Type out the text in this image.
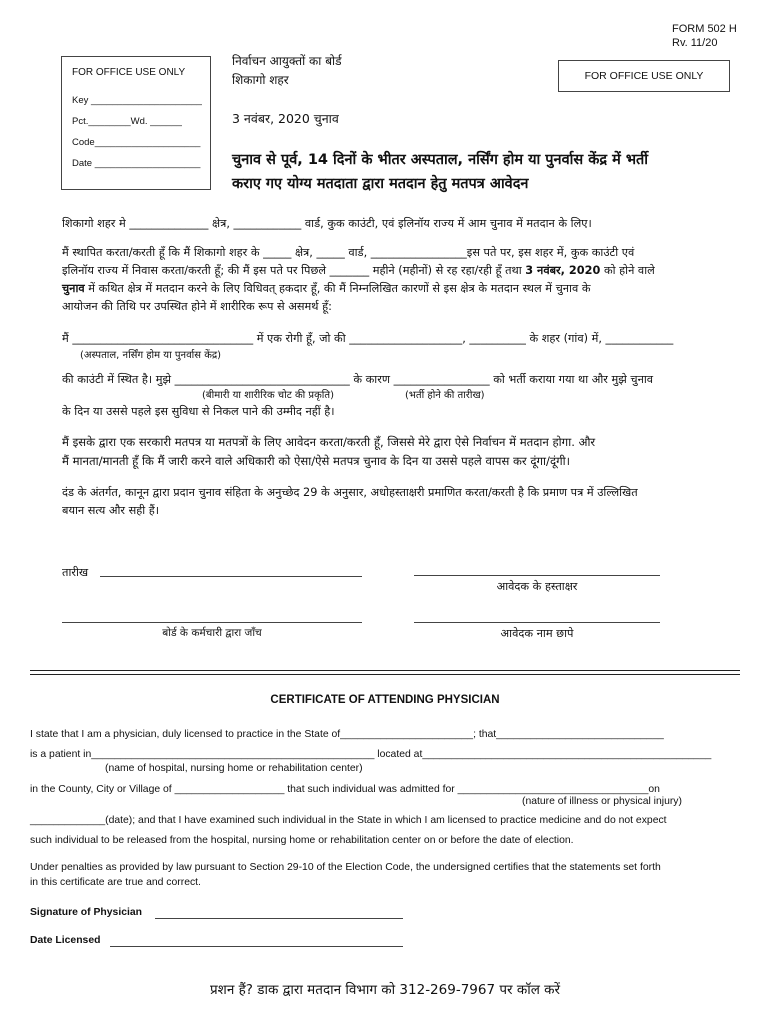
FORM 502 H
Rv. 11/20
FOR OFFICE USE ONLY
Key _____________________
Pct.________Wd. ______
Code____________________
Date ____________________
FOR OFFICE USE ONLY
निर्वाचन आयुक्तों का बोर्ड
शिकागो शहर
3 नवंबर, 2020 चुनाव
चुनाव से पूर्व, 14 दिनों के भीतर अस्पताल, नर्सिंग होम या पुनर्वास केंद्र में भर्ती
कराए गए योग्य मतदाता द्वारा मतदान हेतु मतपत्र आवेदन
शिकागो शहर मे ______________ क्षेत्र, ____________ वार्ड, कुक काउंटी, एवं इलिनॉय राज्य में आम चुनाव में मतदान के लिए।
मैं स्थापित करता/करती हूँ कि मैं शिकागो शहर के _____ क्षेत्र, _____ वार्ड, _________________इस पते पर, इस शहर में, कुक काउंटी एवं
इलिनॉय राज्य में निवास करता/करती हूँ; की मैं इस पते पर पिछले _______ महीने (महीनों) से रह रहा/रही हूँ तथा 3 नवंबर, 2020 को होने वाले
चुनाव में कथित क्षेत्र में मतदान करने के लिए विधिवत् हकदार हूँ, की मैं निम्नलिखित कारणों से इस क्षेत्र के मतदान स्थल में चुनाव के
आयोजन की तिथि पर उपस्थित होने में शारीरिक रूप से असमर्थ हूँ:
मैं ________________________________ में एक रोगी हूँ, जो की ____________________, __________ के शहर (गांव) में, ____________
(अस्पताल, नर्सिंग होम या पुनर्वास केंद्र)
की काउंटी में स्थित है। मुझे _______________________________ के कारण _________________ को भर्ती कराया गया था और मुझे चुनाव
(बीमारी या शारीरिक चोट की प्रकृति)	(भर्ती होने की तारीख)
के दिन या उससे पहले इस सुविधा से निकल पाने की उम्मीद नहीं है।
मैं इसके द्वारा एक सरकारी मतपत्र या मतपत्रों के लिए आवेदन करता/करती हूँ, जिससे मेरे द्वारा ऐसे निर्वाचन में मतदान होगा. और
मैं मानता/मानती हूँ कि मैं जारी करने वाले अधिकारी को ऐसा/ऐसे मतपत्र चुनाव के दिन या उससे पहले वापस कर दूंगा/दूंगी।
दंड के अंतर्गत, कानून द्वारा प्रदान चुनाव संहिता के अनुच्छेद 29 के अनुसार, अधोहस्ताक्षरी प्रमाणित करता/करती है कि प्रमाण पत्र में उल्लिखित
बयान सत्य और सही हैं।
तारीख
आवेदक के हस्ताक्षर
बोर्ड के कर्मचारी द्वारा जाँच	आवेदक नाम छापे
CERTIFICATE OF ATTENDING PHYSICIAN
I state that I am a physician, duly licensed to practice in the State of_______________________; that_____________________________
is a patient in_________________________________________________ located at__________________________________________________
(name of hospital, nursing home or rehabilitation center)
in the County, City or Village of ___________________ that such individual was admitted for _________________________________on
(nature of illness or physical injury)
_____________(date); and that I have examined such individual in the State in which I am licensed to practice medicine and do not expect
such individual to be released from the hospital, nursing home or rehabilitation center on or before the date of election.
Under penalties as provided by law pursuant to Section 29-10 of the Election Code, the undersigned certifies that the statements set forth
in this certificate are true and correct.
Signature of Physician
Date Licensed
प्रशन हैं? डाक द्वारा मतदान विभाग को 312-269-7967 पर कॉल करें
